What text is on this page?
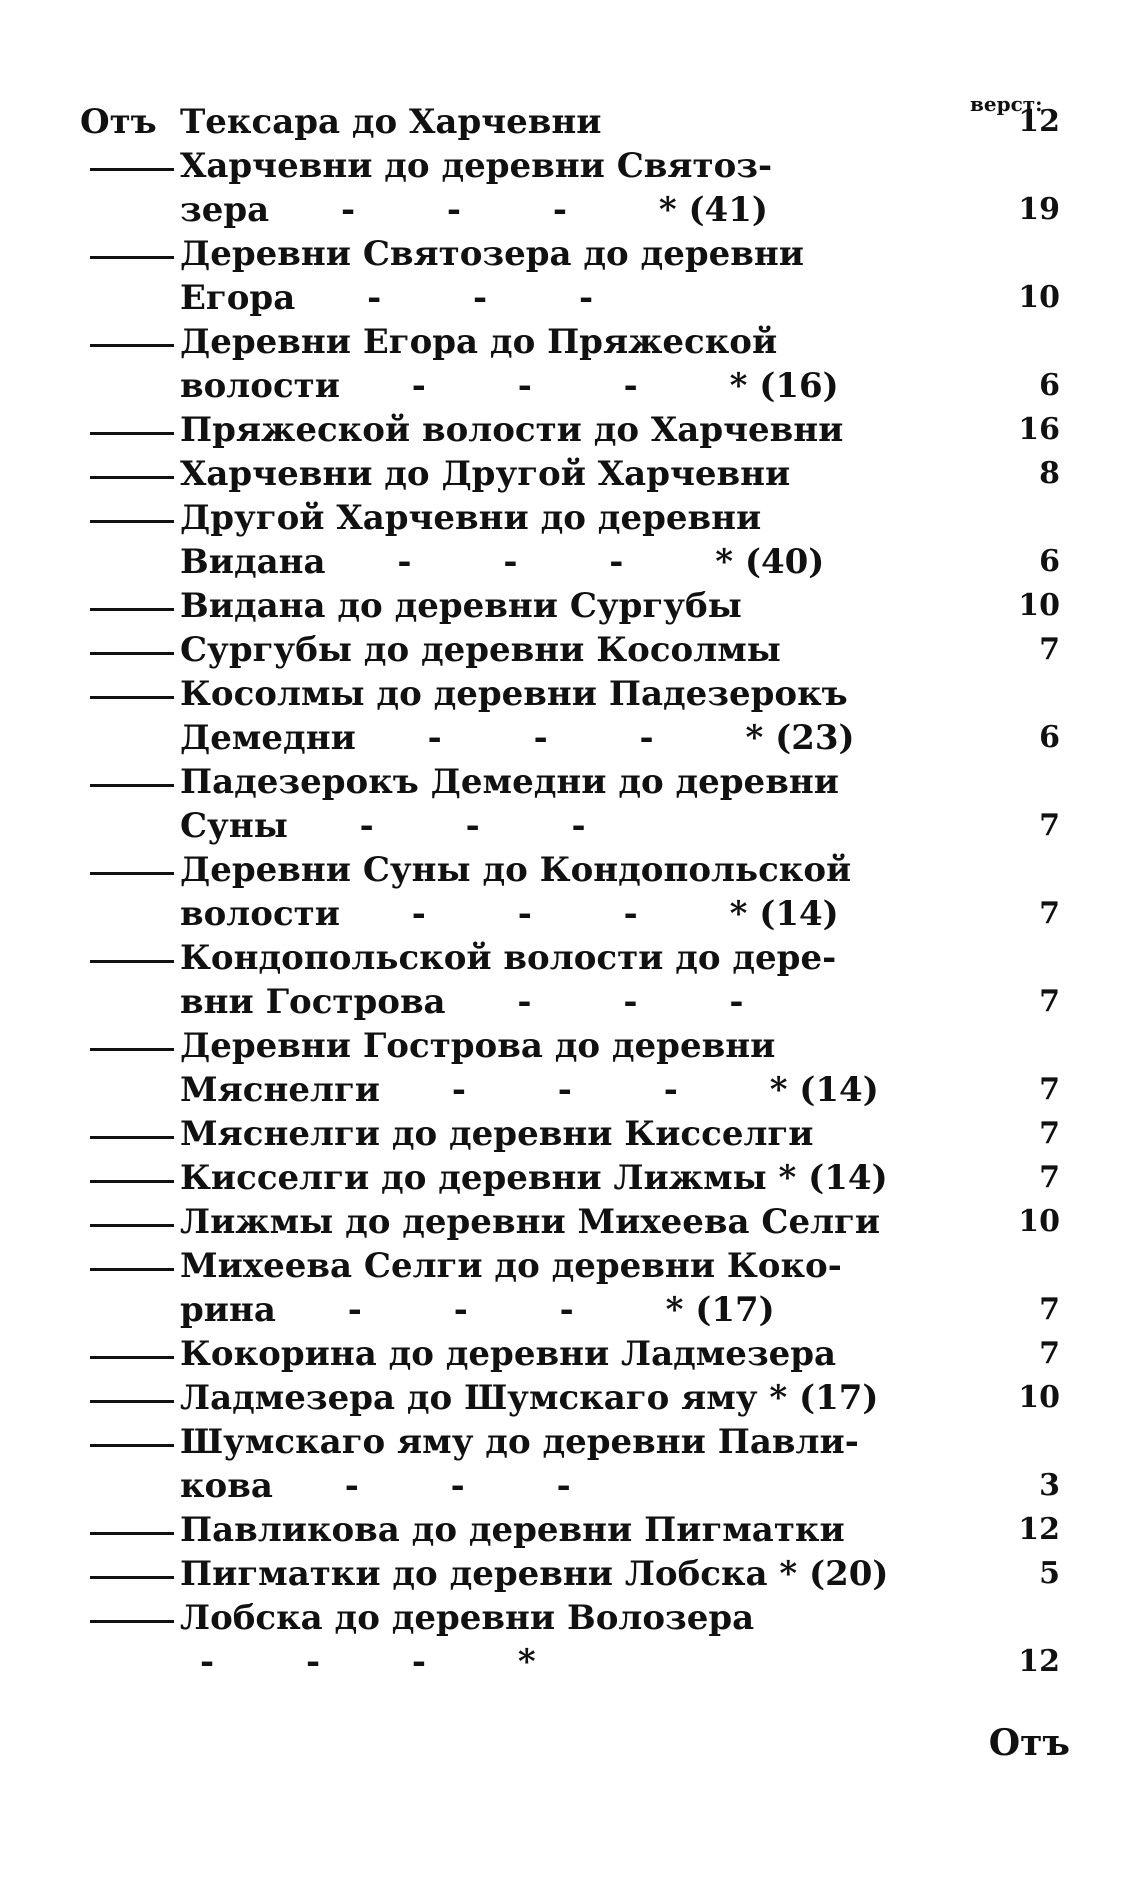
верст:
Отъ Тексара до Харчевни	12
Харчевни до деревни Святоз-
зера - - - * (41)	19
Деревни Святозера до деревни
Егора - - -	10
Деревни Егора до Пряжеской
волости - - - * (16)	6
Пряжеской волости до Харчевни	16
Харчевни до Другой Харчевни	8
Другой Харчевни до деревни
Видана - - - * (40)	6
Видана до деревни Сургубы	10
Сургубы до деревни Косолмы	7
Косолмы до деревни Падезерокъ
Демедни - - - * (23)	6
Падезерокъ Демедни до деревни
Суны - - -	7
Деревни Суны до Кондопольской
волости - - - * (14)	7
Кондопольской волости до дере-
вни Гострова - - -	7
Деревни Гострова до деревни
Мяснелги - - - * (14)	7
Мяснелги до деревни Кисселги	7
Кисселги до деревни Лижмы * (14)	7
Лижмы до деревни Михеева Селги	10
Михеева Селги до деревни Коко-
рина - - - * (17)	7
Кокорина до деревни Ладмезера	7
Ладмезера до Шумскаго яму * (17)	10
Шумскаго яму до деревни Павли-
кова - - -	3
Павликова до деревни Пигматки	12
Пигматки до деревни Лобска * (20)	5
Лобска до деревни Волозера
- - - *	12
Отъ
